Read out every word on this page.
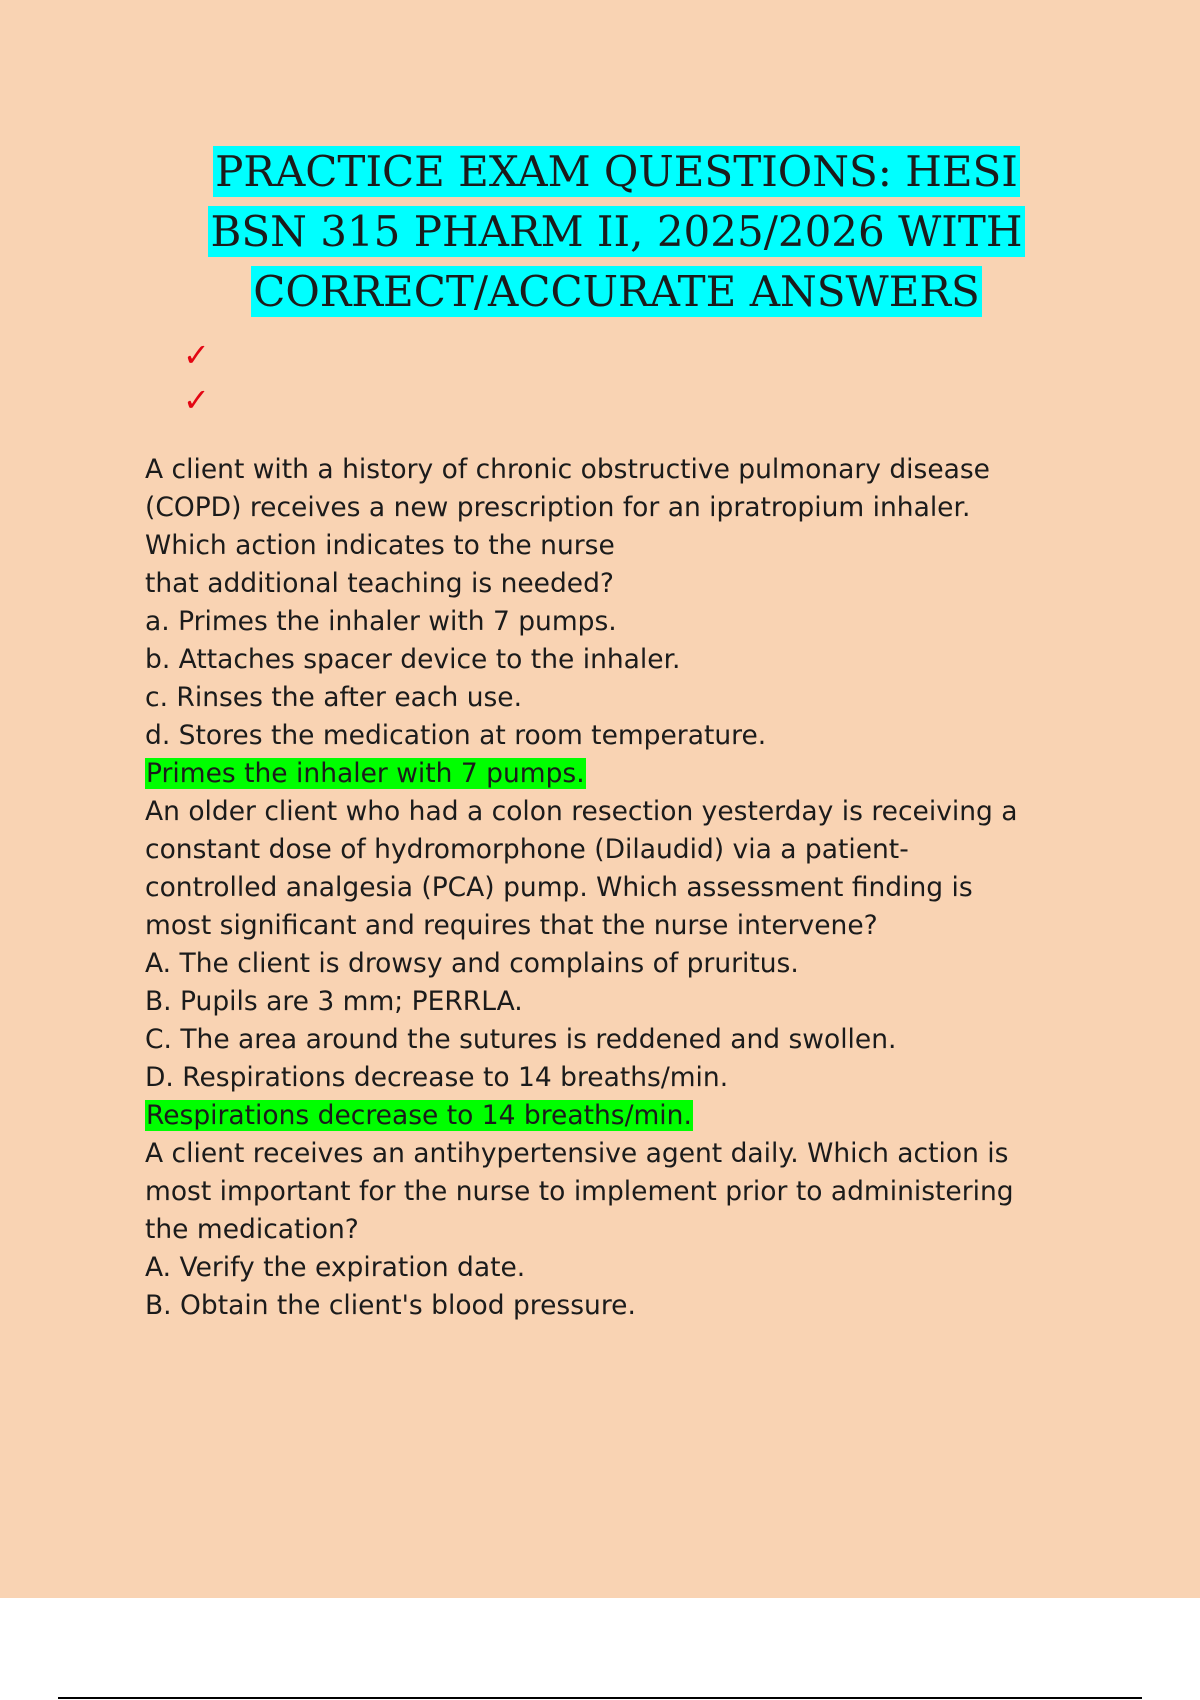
PRACTICE EXAM QUESTIONS: HESI
BSN 315 PHARM II, 2025/2026 WITH
CORRECT/ACCURATE ANSWERS
✓
✓

A client with a history of chronic obstructive pulmonary disease
(COPD) receives a new prescription for an ipratropium inhaler.
Which action indicates to the nurse
that additional teaching is needed?

a. Primes the inhaler with 7 pumps.
b. Attaches spacer device to the inhaler.
c. Rinses the after each use.
d. Stores the medication at room temperature.

Primes the inhaler with 7 pumps.

An older client who had a colon resection yesterday is receiving a
constant dose of hydromorphone (Dilaudid) via a patient-
controlled analgesia (PCA) pump. Which assessment finding is
most significant and requires that the nurse intervene?

A. The client is drowsy and complains of pruritus.
B. Pupils are 3 mm; PERRLA.
C. The area around the sutures is reddened and swollen.
D. Respirations decrease to 14 breaths/min.

Respirations decrease to 14 breaths/min.

A client receives an antihypertensive agent daily. Which action is
most important for the nurse to implement prior to administering
the medication?

A. Verify the expiration date.
B. Obtain the client's blood pressure.
